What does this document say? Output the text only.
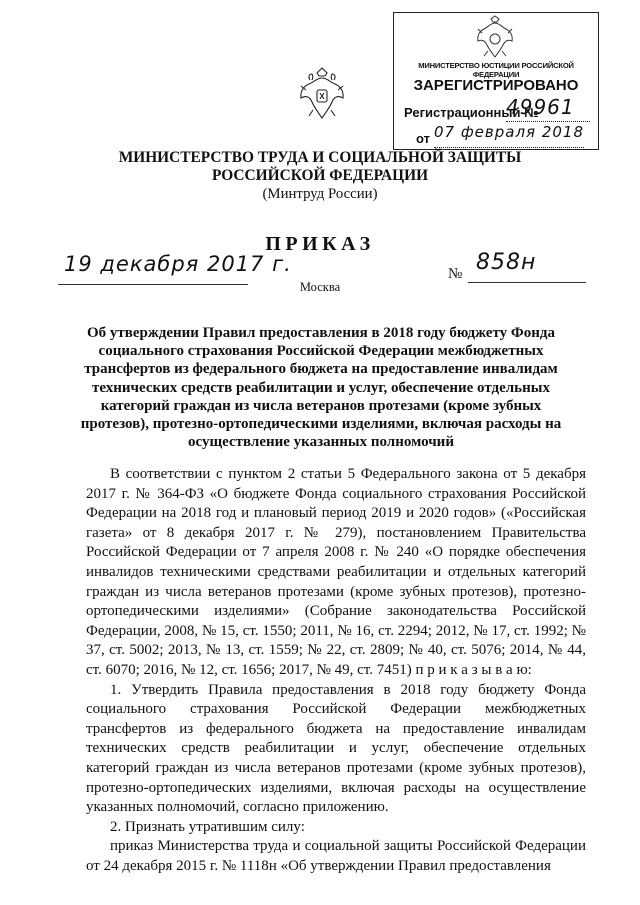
МИНИСТЕРСТВО ЮСТИЦИИ РОССИЙСКОЙ ФЕДЕРАЦИИ
ЗАРЕГИСТРИРОВАНО
Регистрационный №
49961
от 07 февраля 2018
МИНИСТЕРСТВО ТРУДА И СОЦИАЛЬНОЙ ЗАЩИТЫ
РОССИЙСКОЙ ФЕДЕРАЦИИ
(Минтруд России)
ПРИКАЗ
19 декабря 2017 г.	№ 858н
Москва
Об утверждении Правил предоставления в 2018 году бюджету Фонда социального страхования Российской Федерации межбюджетных трансфертов из федерального бюджета на предоставление инвалидам технических средств реабилитации и услуг, обеспечение отдельных категорий граждан из числа ветеранов протезами (кроме зубных протезов), протезно-ортопедическими изделиями, включая расходы на осуществление указанных полномочий

В соответствии с пунктом 2 статьи 5 Федерального закона от 5 декабря 2017 г. № 364-ФЗ «О бюджете Фонда социального страхования Российской Федерации на 2018 год и плановый период 2019 и 2020 годов» («Российская газета» от 8 декабря 2017 г. № 279), постановлением Правительства Российской Федерации от 7 апреля 2008 г. № 240 «О порядке обеспечения инвалидов техническими средствами реабилитации и отдельных категорий граждан из числа ветеранов протезами (кроме зубных протезов), протезно-ортопедическими изделиями» (Собрание законодательства Российской Федерации, 2008, № 15, ст. 1550; 2011, № 16, ст. 2294; 2012, № 17, ст. 1992; № 37, ст. 5002; 2013, № 13, ст. 1559; № 22, ст. 2809; № 40, ст. 5076; 2014, № 44, ст. 6070; 2016, № 12, ст. 1656; 2017, № 49, ст. 7451) п р и к а з ы в а ю:

1. Утвердить Правила предоставления в 2018 году бюджету Фонда социального страхования Российской Федерации межбюджетных трансфертов из федерального бюджета на предоставление инвалидам технических средств реабилитации и услуг, обеспечение отдельных категорий граждан из числа ветеранов протезами (кроме зубных протезов), протезно-ортопедических изделиями, включая расходы на осуществление указанных полномочий, согласно приложению.

2. Признать утратившим силу:

приказ Министерства труда и социальной защиты Российской Федерации от 24 декабря 2015 г. № 1118н «Об утверждении Правил предоставления
